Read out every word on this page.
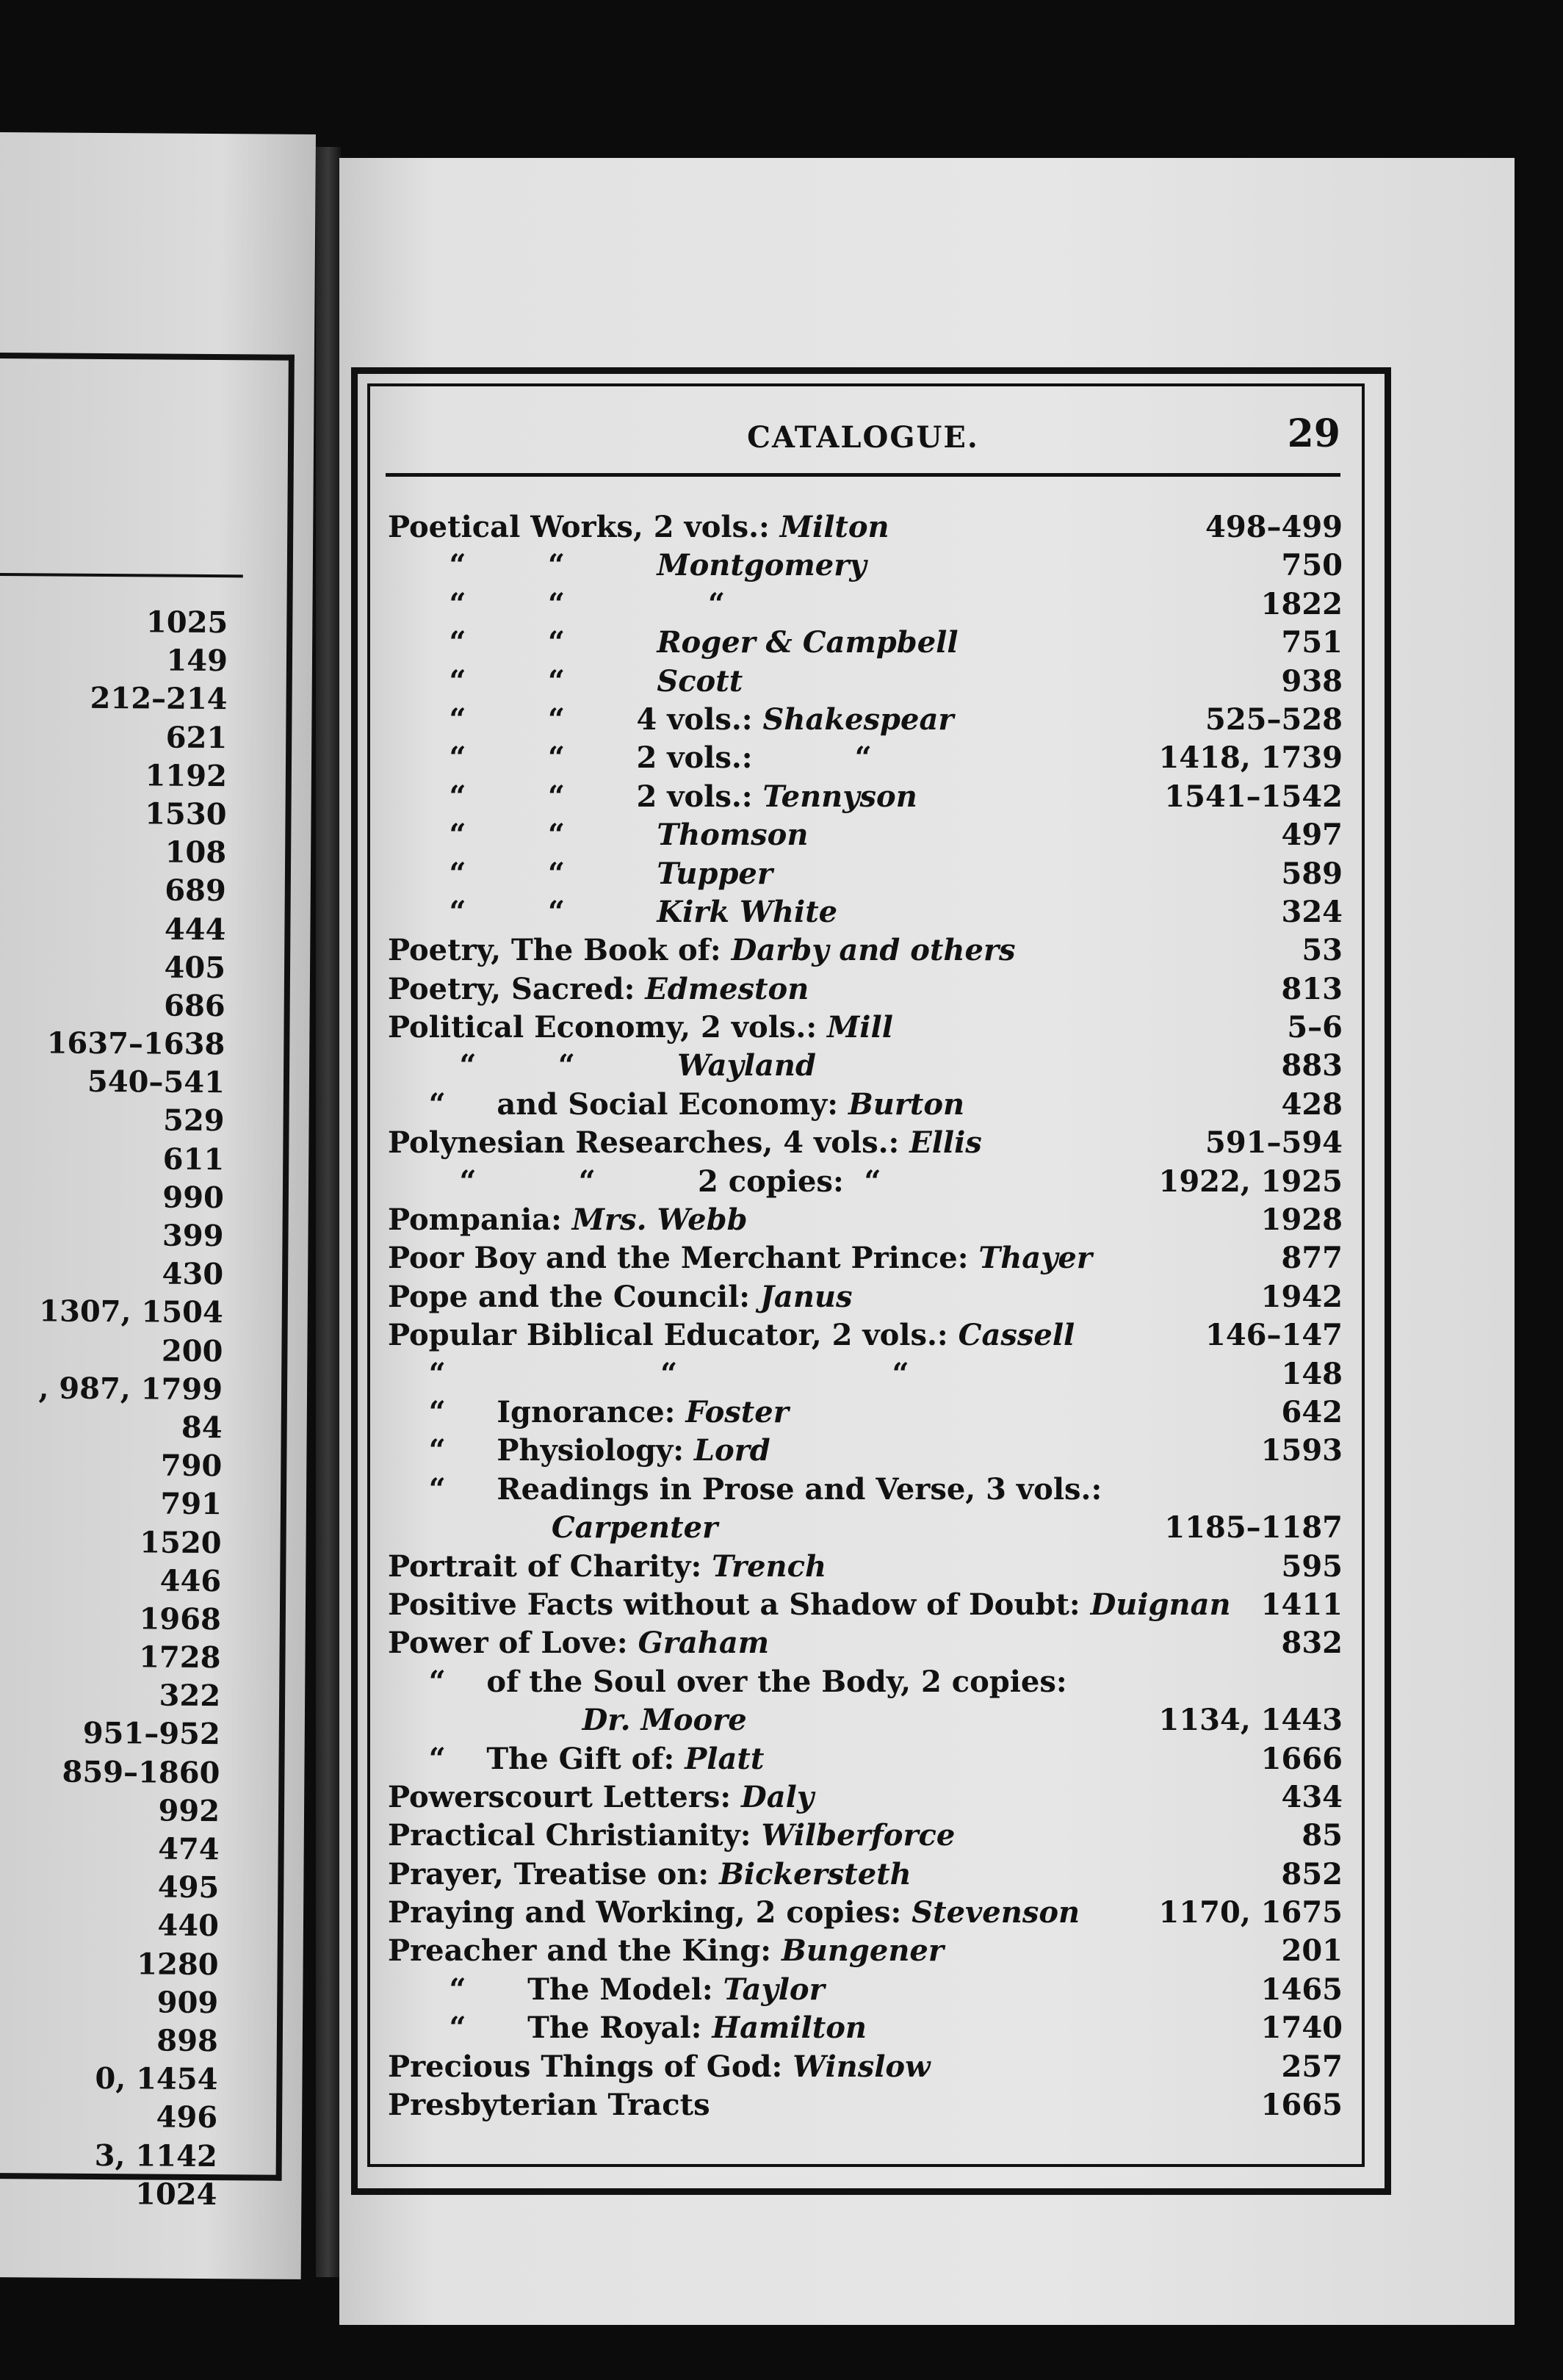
1025
149
212–214
621
1192
1530
108
689
444
405
686
1637–1638
540–541
529
611
990
399
430
1307, 1504
200
, 987, 1799
84
790
791
1520
446
1968
1728
322
951–952
859–1860
992
474
495
440
1280
909
898
0, 1454
496
3, 1142
1024
CATALOGUE.	29
Poetical Works, 2 vols.: Milton	498–499
“        “         Montgomery	750
“        “              “	1822
“        “         Roger & Campbell	751
“        “         Scott	938
“        “       4 vols.: Shakespear	525–528
“        “       2 vols.:          “	1418, 1739
“        “       2 vols.: Tennyson	1541–1542
“        “         Thomson	497
“        “         Tupper	589
“        “         Kirk White	324
Poetry, The Book of: Darby and others	53
Poetry, Sacred: Edmeston	813
Political Economy, 2 vols.: Mill	5–6
“        “          Wayland	883
“     and Social Economy: Burton	428
Polynesian Researches, 4 vols.: Ellis	591–594
“          “          2 copies:  “	1922, 1925
Pompania: Mrs. Webb	1928
Poor Boy and the Merchant Prince: Thayer	877
Pope and the Council: Janus	1942
Popular Biblical Educator, 2 vols.: Cassell	146–147
“                     “                     “	148
“     Ignorance: Foster	642
“     Physiology: Lord	1593
“     Readings in Prose and Verse, 3 vols.:
Carpenter	1185–1187
Portrait of Charity: Trench	595
Positive Facts without a Shadow of Doubt: Duignan 1411
Power of Love: Graham	832
“    of the Soul over the Body, 2 copies:
Dr. Moore	1134, 1443
“    The Gift of: Platt	1666
Powerscourt Letters: Daly	434
Practical Christianity: Wilberforce	85
Prayer, Treatise on: Bickersteth	852
Praying and Working, 2 copies: Stevenson	1170, 1675
Preacher and the King: Bungener	201
“      The Model: Taylor	1465
“      The Royal: Hamilton	1740
Precious Things of God: Winslow	257
Presbyterian Tracts	1665
